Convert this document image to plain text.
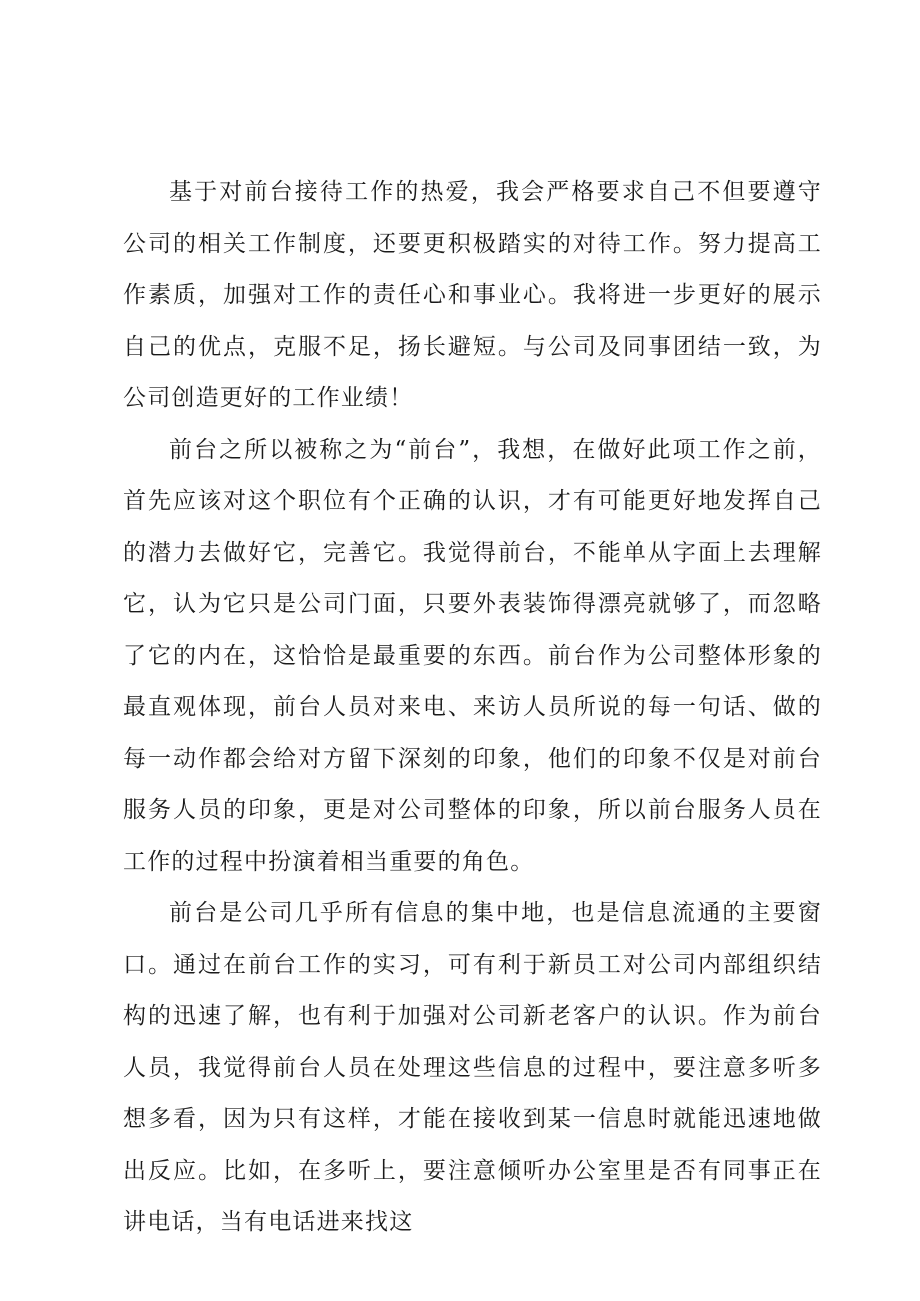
基于对前台接待工作的热爱，我会严格要求自己不但要遵守公司的相关工作制度，还要更积极踏实的对待工作。努力提高工作素质，加强对工作的责任心和事业心。我将进一步更好的展示自己的优点，克服不足，扬长避短。与公司及同事团结一致，为公司创造更好的工作业绩！

前台之所以被称之为“前台”，我想，在做好此项工作之前，首先应该对这个职位有个正确的认识，才有可能更好地发挥自己的潜力去做好它，完善它。我觉得前台，不能单从字面上去理解它，认为它只是公司门面，只要外表装饰得漂亮就够了，而忽略了它的内在，这恰恰是最重要的东西。前台作为公司整体形象的最直观体现，前台人员对来电、来访人员所说的每一句话、做的每一动作都会给对方留下深刻的印象，他们的印象不仅是对前台服务人员的印象，更是对公司整体的印象，所以前台服务人员在工作的过程中扮演着相当重要的角色。

前台是公司几乎所有信息的集中地，也是信息流通的主要窗口。通过在前台工作的实习，可有利于新员工对公司内部组织结构的迅速了解，也有利于加强对公司新老客户的认识。作为前台人员，我觉得前台人员在处理这些信息的过程中，要注意多听多想多看，因为只有这样，才能在接收到某一信息时就能迅速地做出反应。比如，在多听上，要注意倾听办公室里是否有同事正在讲电话，当有电话进来找这
